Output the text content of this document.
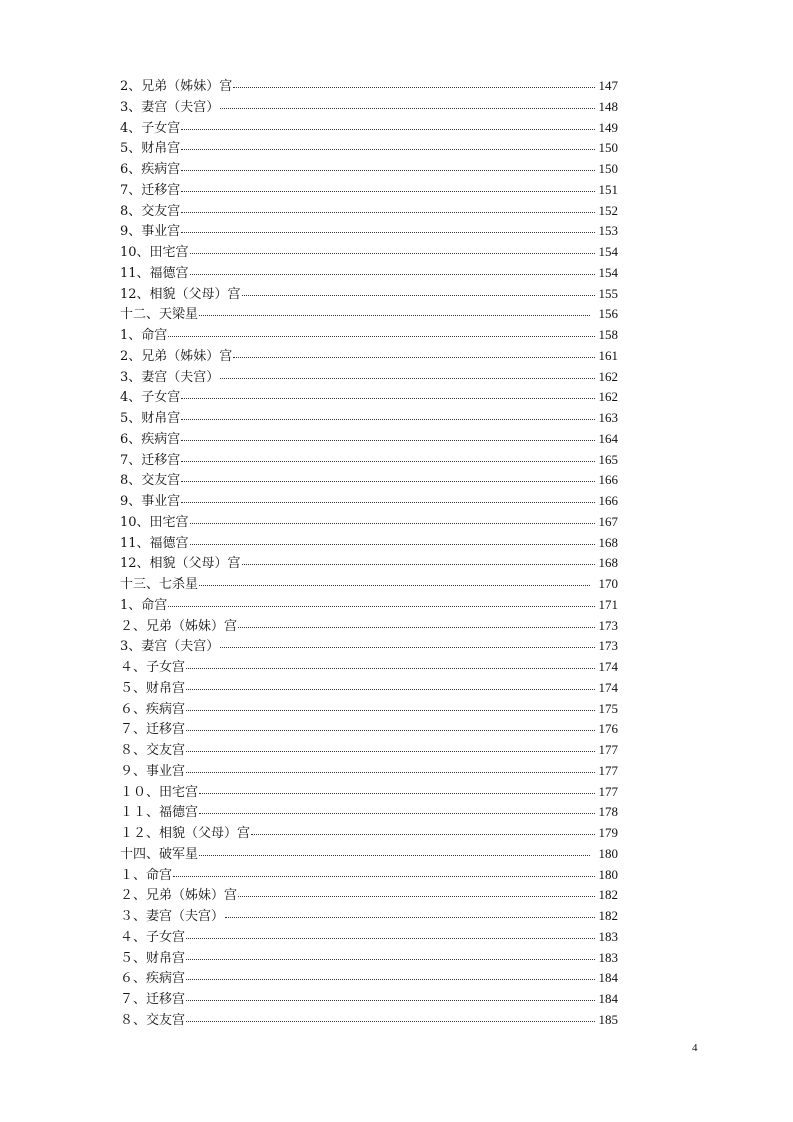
2、兄弟（姊妹）宫	147
3、妻宫（夫宫）	148
4、子女宫	149
5、财帛宫	150
6、疾病宫	150
7、迁移宫	151
8、交友宫	152
9、事业宫	153
10、田宅宫	154
11、福德宫	154
12、相貌（父母）宫	155
十二、天梁星	156
1、命宫	158
2、兄弟（姊妹）宫	161
3、妻宫（夫宫）	162
4、子女宫	162
5、财帛宫	163
6、疾病宫	164
7、迁移宫	165
8、交友宫	166
9、事业宫	166
10、田宅宫	167
11、福德宫	168
12、相貌（父母）宫	168
十三、七杀星	170
1、命宫	171
２、兄弟（姊妹）宫	173
3、妻宫（夫宫）	173
４、子女宫	174
５、财帛宫	174
６、疾病宫	175
７、迁移宫	176
８、交友宫	177
９、事业宫	177
１０、田宅宫	177
１１、福德宫	178
１２、相貌（父母）宫	179
十四、破军星	180
１、命宫	180
２、兄弟（姊妹）宫	182
３、妻宫（夫宫）	182
４、子女宫	183
５、财帛宫	183
６、疾病宫	184
７、迁移宫	184
８、交友宫	185
4
